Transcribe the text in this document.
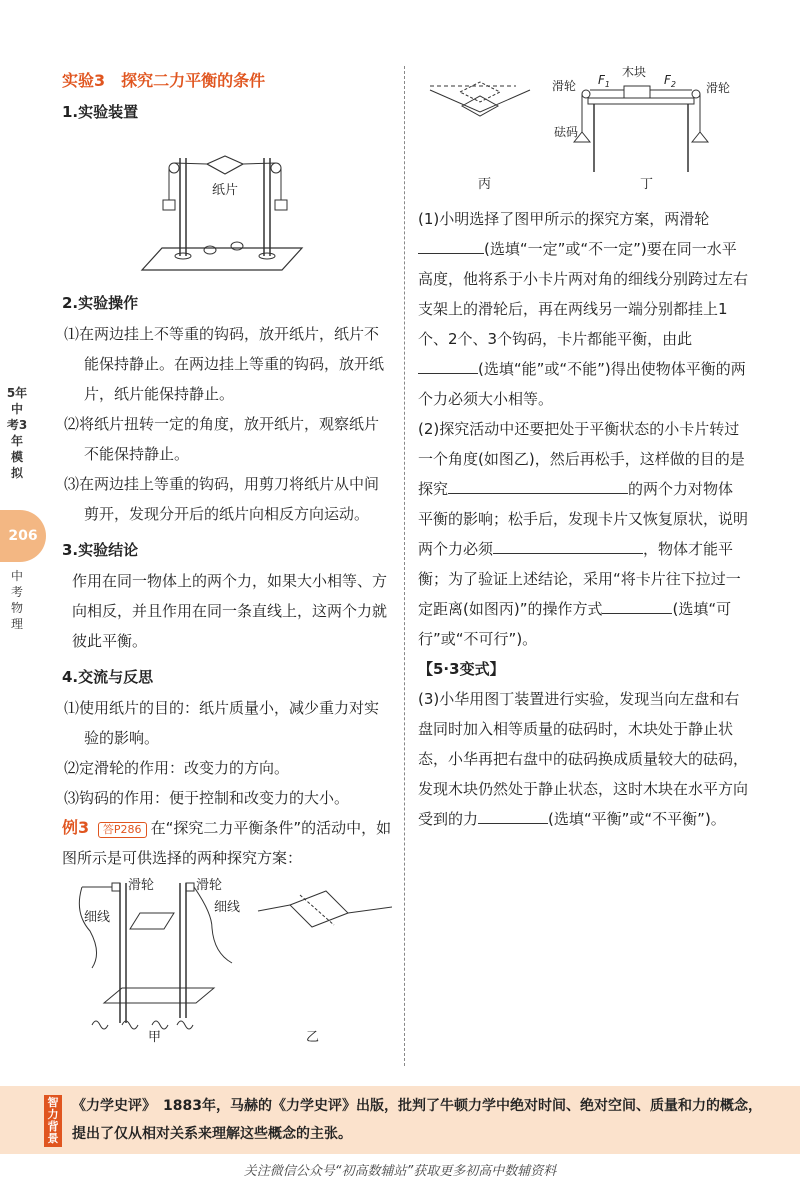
5年中考3年模拟
206
中考物理
实验3　探究二力平衡的条件
1.实验装置
纸片
2.实验操作
⑴在两边挂上不等重的钩码，放开纸片，纸片不能保持静止。在两边挂上等重的钩码，放开纸片，纸片能保持静止。
⑵将纸片扭转一定的角度，放开纸片，观察纸片不能保持静止。
⑶在两边挂上等重的钩码，用剪刀将纸片从中间剪开，发现分开后的纸片向相反方向运动。
3.实验结论
作用在同一物体上的两个力，如果大小相等、方向相反，并且作用在同一条直线上，这两个力就彼此平衡。
4.交流与反思
⑴使用纸片的目的：纸片质量小，减少重力对实验的影响。
⑵定滑轮的作用：改变力的方向。
⑶钩码的作用：便于控制和改变力的大小。
例3 答P286 在“探究二力平衡条件”的活动中，如图所示是可供选择的两种探究方案：
滑轮	滑轮
细线
细线
甲	乙
丙
滑轮	滑轮
木块
砝码
$F_1$	$F_2$
丁
(1)小明选择了图甲所示的探究方案，两滑轮(选填“一定”或“不一定”)要在同一水平高度，他将系于小卡片两对角的细线分别跨过左右支架上的滑轮后，再在两线另一端分别都挂上1个、2个、3个钩码，卡片都能平衡，由此(选填“能”或“不能”)得出使物体平衡的两个力必须大小相等。
(2)探究活动中还要把处于平衡状态的小卡片转过一个角度(如图乙)，然后再松手，这样做的目的是探究	的两个力对物体平衡的影响；松手后，发现卡片又恢复原状，说明两个力必须	，物体才能平衡；为了验证上述结论，采用“将卡片往下拉过一定距离(如图丙)”的操作方式	(选填“可行”或“不可行”)。
【5·3变式】
(3)小华用图丁装置进行实验，发现当向左盘和右盘同时加入相等质量的砝码时，木块处于静止状态，小华再把右盘中的砝码换成质量较大的砝码，发现木块仍然处于静止状态，这时木块在水平方向受到的力	(选填“平衡”或“不平衡”)。
智力背景
《力学史评》　 1883年，马赫的《力学史评》出版，批判了牛顿力学中绝对时间、绝对空间、质量和力的概念，提出了仅从相对关系来理解这些概念的主张。
关注微信公众号“初高数辅站”获取更多初高中数辅资料
